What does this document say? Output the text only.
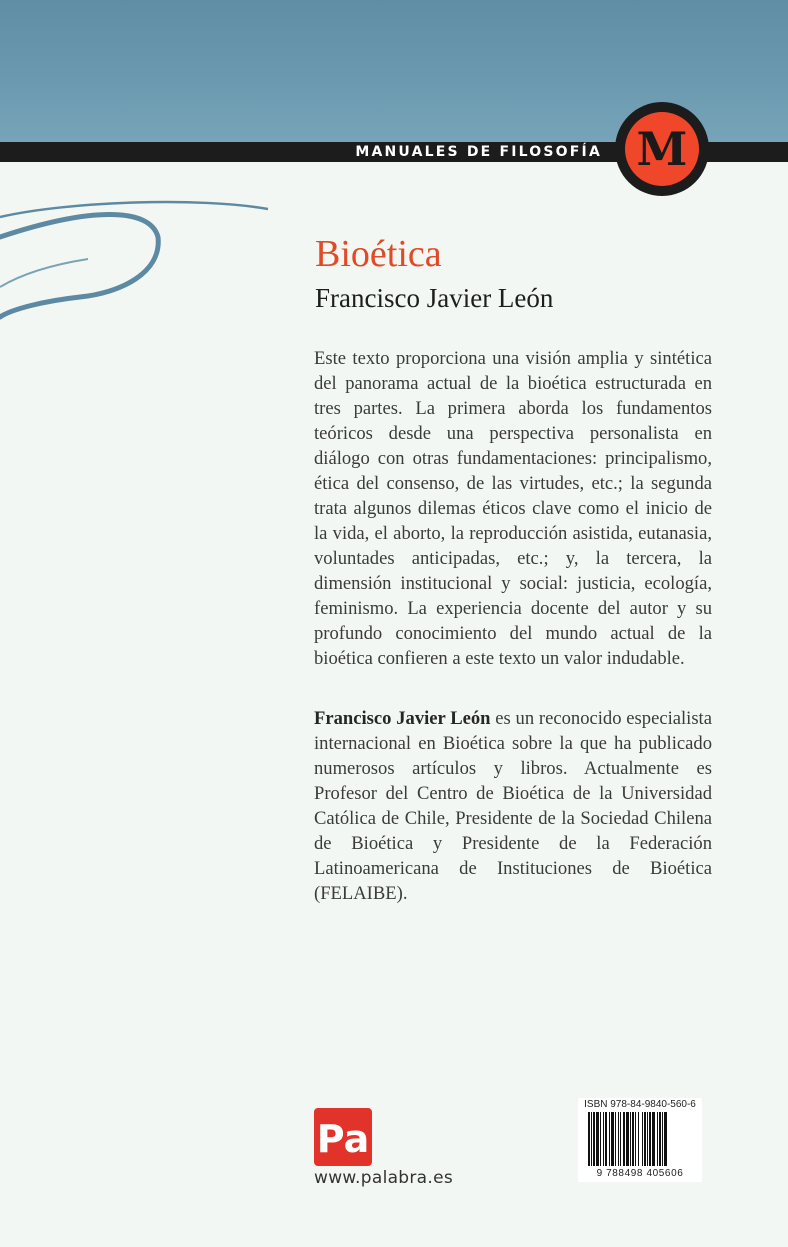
MANUALES DE FILOSOFÍA M
Bioética
Francisco Javier León

Este texto proporciona una visión amplia y sintética del panorama actual de la bioética estructurada en tres partes. La primera aborda los fundamentos teóricos desde una perspectiva personalista en diálogo con otras fundamentaciones: principalismo, ética del consenso, de las virtudes, etc.; la segunda trata algunos dilemas éticos clave como el inicio de la vida, el aborto, la reproducción asistida, eutanasia, voluntades anticipadas, etc.; y, la tercera, la dimensión institucional y social: justicia, ecología, feminismo. La experiencia docente del autor y su profundo conocimiento del mundo actual de la bioética confieren a este texto un valor indudable.

Francisco Javier León es un reconocido especialista internacional en Bioética sobre la que ha publicado numerosos artículos y libros. Actualmente es Profesor del Centro de Bioética de la Universidad Católica de Chile, Presidente de la Sociedad Chilena de Bioética y Presidente de la Federación Latinoamericana de Instituciones de Bioética (FELAIBE).

Pa
www.palabra.es
ISBN 978-84-9840-560-6
9 788498 405606
